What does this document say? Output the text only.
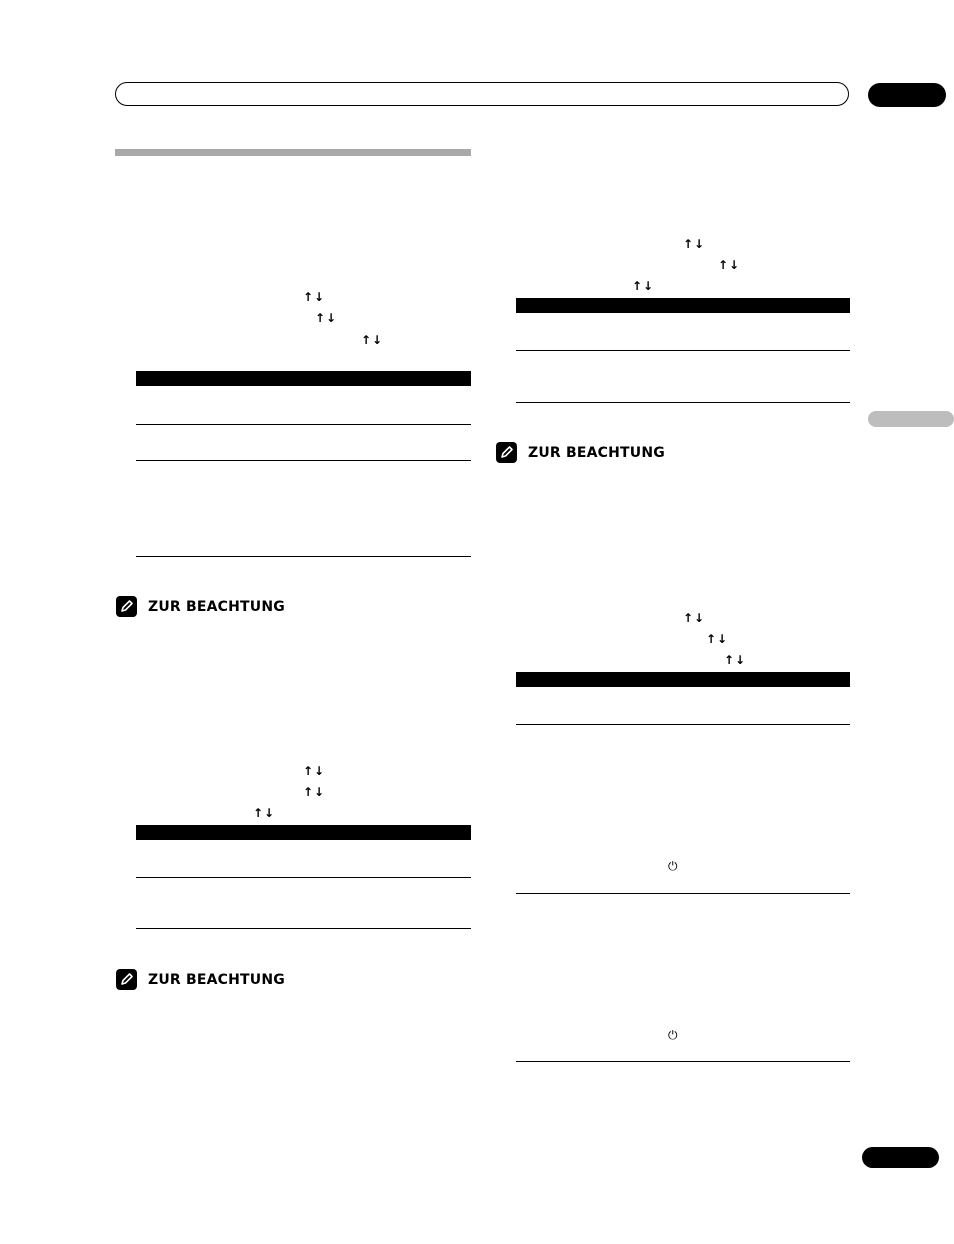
↑↓
↑↓
↑↓
ZUR BEACHTUNG
↑↓
↑↓
↑↓
ZUR BEACHTUNG
↑↓
↑↓
↑↓
ZUR BEACHTUNG
↑↓
↑↓
↑↓
⏻
⏻
